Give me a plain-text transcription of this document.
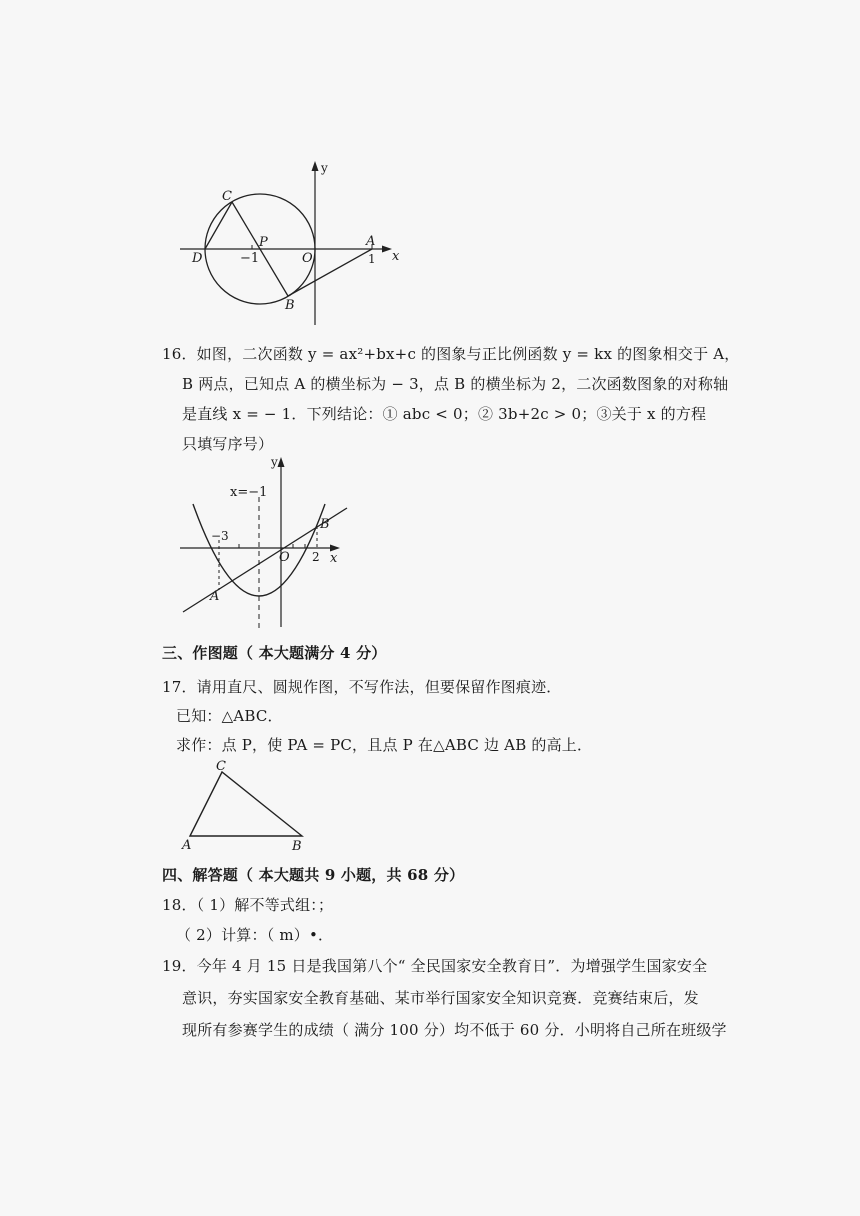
y
x
C
P	A
D	−1	O	1
B
16．如图，二次函数 y = ax²+bx+c 的图象与正比例函数 y = kx 的图象相交于 A，
B 两点，已知点 A 的横坐标为 − 3，点 B 的横坐标为 2，二次函数图象的对称轴
是直线 x = − 1．下列结论：① abc < 0；② 3b+2c > 0；③关于 x 的方程
只填写序号）
y
x=−1
B
−3
O 2 x
A
三、作图题（ 本大题满分 4 分）
17．请用直尺、圆规作图，不写作法，但要保留作图痕迹．
已知：△ABC．
求作：点 P，使 PA = PC，且点 P 在△ABC 边 AB 的高上．
C
A	B
四、解答题（ 本大题共 9 小题，共 68 分）
18．（ 1）解不等式组：；
（ 2）计算：（ m）•．
19．今年 4 月 15 日是我国第八个“ 全民国家安全教育日”．为增强学生国家安全
意识，夯实国家安全教育基础、某市举行国家安全知识竞赛．竞赛结束后，发
现所有参赛学生的成绩（ 满分 100 分）均不低于 60 分．小明将自己所在班级学
